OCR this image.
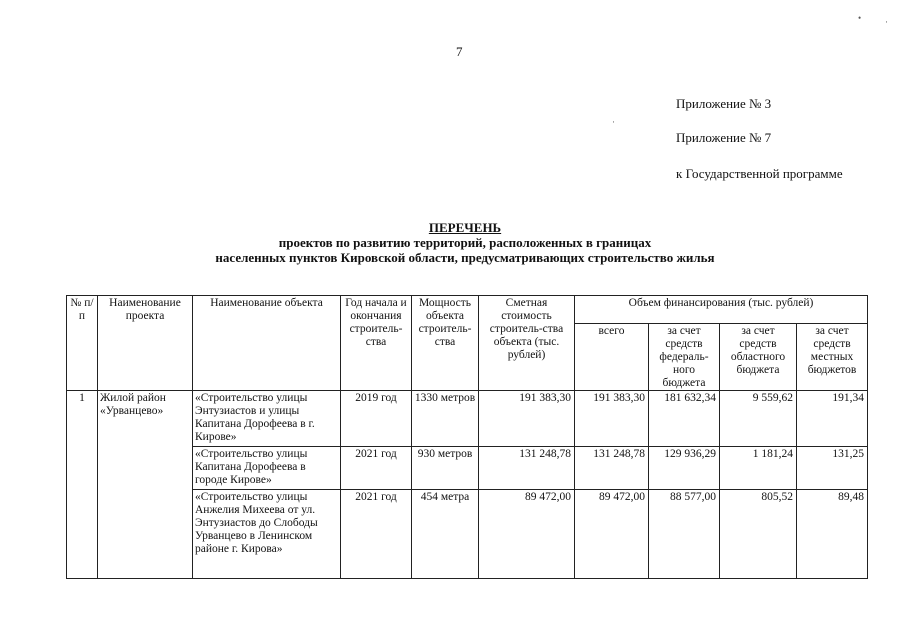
7
Приложение № 3
Приложение № 7
к Государственной программе
ПЕРЕЧЕНЬ
проектов по развитию территорий, расположенных в границах
населенных пунктов Кировской области, предусматривающих строительство жилья
№ п/п	Наименование проекта	Наименование объекта	Год начала и окончания строитель-ства	Мощность объекта строитель-ства	Сметная стоимость строитель-ства объекта (тыс. рублей)	Объем финансирования (тыс. рублей)			
						всего	за счет средств федераль-ного бюджета	за счет средств областного бюджета	за счет средств местных бюджетов
1	Жилой район «Урванцево»	«Строительство улицы Энтузиастов и улицы Капитана Дорофеева в г. Кирове»	2019 год	1330 метров	191 383,30	191 383,30	181 632,34	9 559,62	191,34
		«Строительство улицы Капитана Дорофеева в городе Кирове»	2021 год	930 метров	131 248,78	131 248,78	129 936,29	1 181,24	131,25
		«Строительство улицы Анжелия Михеева от ул. Энтузиастов до Слободы Урванцево в Ленинском районе г. Кирова»	2021 год	454 метра	89 472,00	89 472,00	88 577,00	805,52	89,48
•	·
·
